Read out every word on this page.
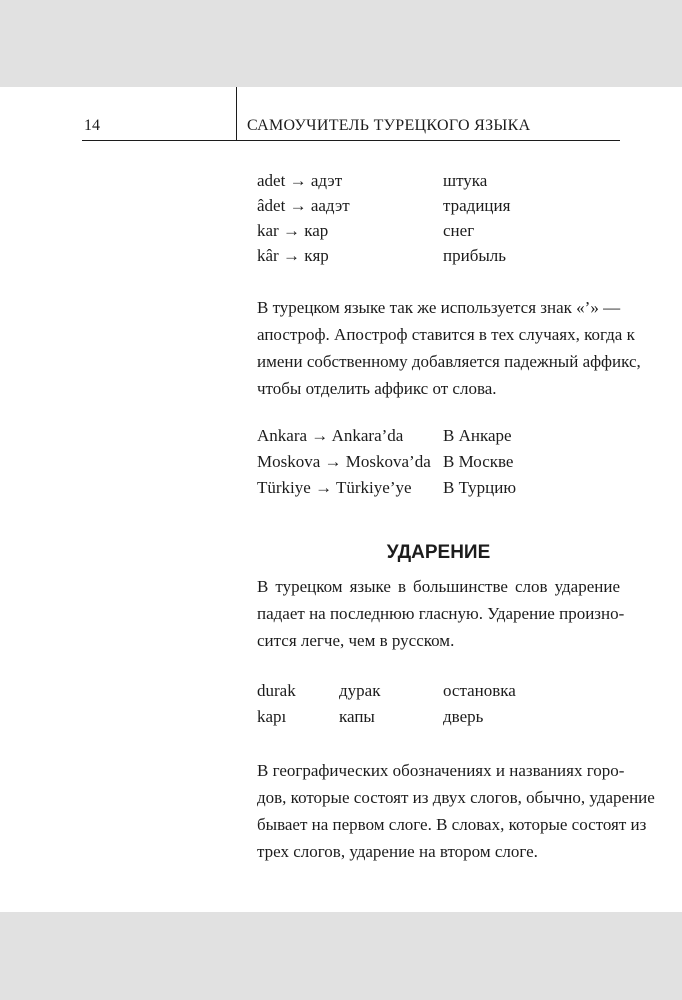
14	САМОУЧИТЕЛЬ ТУРЕЦКОГО ЯЗЫКА
adet → адэт	штука
âdet → аадэт	традиция
kar → кар	снег
kâr → кяр	прибыль
В турецком языке так же используется знак «’» —
апостроф. Апостроф ставится в тех случаях, когда к
имени собственному добавляется падежный аффикс,
чтобы отделить аффикс от слова.
Ankara → Ankara’da В Анкаре
Moskova → Moskova’da В Москве
Türkiye → Türkiye’ye В Турцию
УДАРЕНИЕ
В турецком языке в большинстве слов ударение
падает на последнюю гласную. Ударение произно-
сится легче, чем в русском.
durak	дурак	остановка
kapı	капы	дверь
В географических обозначениях и названиях горо-
дов, которые состоят из двух слогов, обычно, ударение
бывает на первом слоге. В словах, которые состоят из
трех слогов, ударение на втором слоге.
